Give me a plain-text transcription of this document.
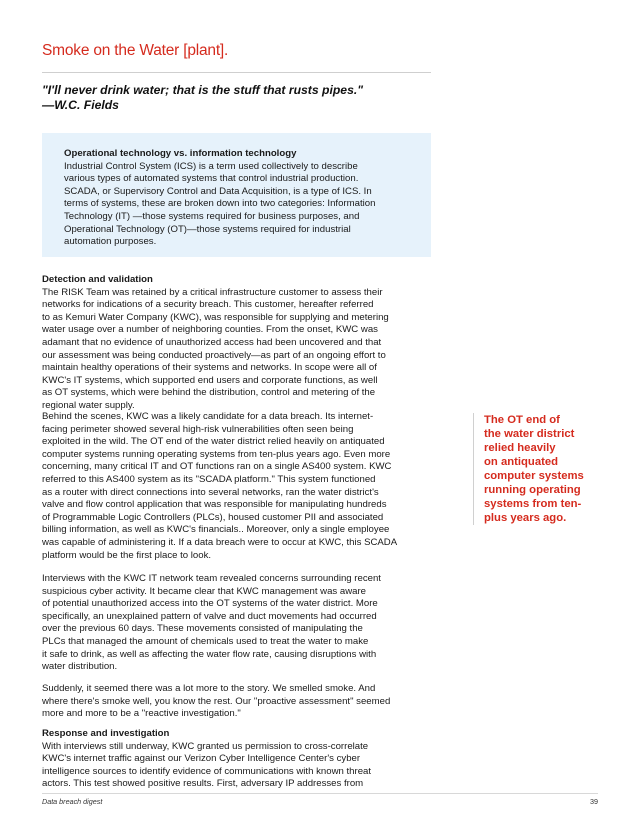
Smoke on the Water [plant].
"I'll never drink water; that is the stuff that rusts pipes."
—W.C. Fields
Operational technology vs. information technology
Industrial Control System (ICS) is a term used collectively to describe
various types of automated systems that control industrial production.
SCADA, or Supervisory Control and Data Acquisition, is a type of ICS. In
terms of systems, these are broken down into two categories: Information
Technology (IT) —those systems required for business purposes, and
Operational Technology (OT)—those systems required for industrial
automation purposes.
Detection and validation
The RISK Team was retained by a critical infrastructure customer to assess their
networks for indications of a security breach. This customer, hereafter referred
to as Kemuri Water Company (KWC), was responsible for supplying and metering
water usage over a number of neighboring counties. From the onset, KWC was
adamant that no evidence of unauthorized access had been uncovered and that
our assessment was being conducted proactively—as part of an ongoing effort to
maintain healthy operations of their systems and networks. In scope were all of
KWC's IT systems, which supported end users and corporate functions, as well
as OT systems, which were behind the distribution, control and metering of the
regional water supply.
Behind the scenes, KWC was a likely candidate for a data breach. Its internet-
facing perimeter showed several high-risk vulnerabilities often seen being
exploited in the wild. The OT end of the water district relied heavily on antiquated
computer systems running operating systems from ten-plus years ago. Even more
concerning, many critical IT and OT functions ran on a single AS400 system. KWC
referred to this AS400 system as its "SCADA platform." This system functioned
as a router with direct connections into several networks, ran the water district's
valve and flow control application that was responsible for manipulating hundreds
of Programmable Logic Controllers (PLCs), housed customer PII and associated
billing information, as well as KWC's financials.. Moreover, only a single employee
was capable of administering it. If a data breach were to occur at KWC, this SCADA
platform would be the first place to look.
Interviews with the KWC IT network team revealed concerns surrounding recent
suspicious cyber activity. It became clear that KWC management was aware
of potential unauthorized access into the OT systems of the water district. More
specifically, an unexplained pattern of valve and duct movements had occurred
over the previous 60 days. These movements consisted of manipulating the
PLCs that managed the amount of chemicals used to treat the water to make
it safe to drink, as well as affecting the water flow rate, causing disruptions with
water distribution.
Suddenly, it seemed there was a lot more to the story. We smelled smoke. And
where there's smoke well, you know the rest. Our "proactive assessment" seemed
more and more to be a "reactive investigation."
Response and investigation
With interviews still underway, KWC granted us permission to cross-correlate
KWC's internet traffic against our Verizon Cyber Intelligence Center's cyber
intelligence sources to identify evidence of communications with known threat
actors. This test showed positive results. First, adversary IP addresses from
The OT end of
the water district
relied heavily
on antiquated
computer systems
running operating
systems from ten-
plus years ago.
Data breach digest	39
